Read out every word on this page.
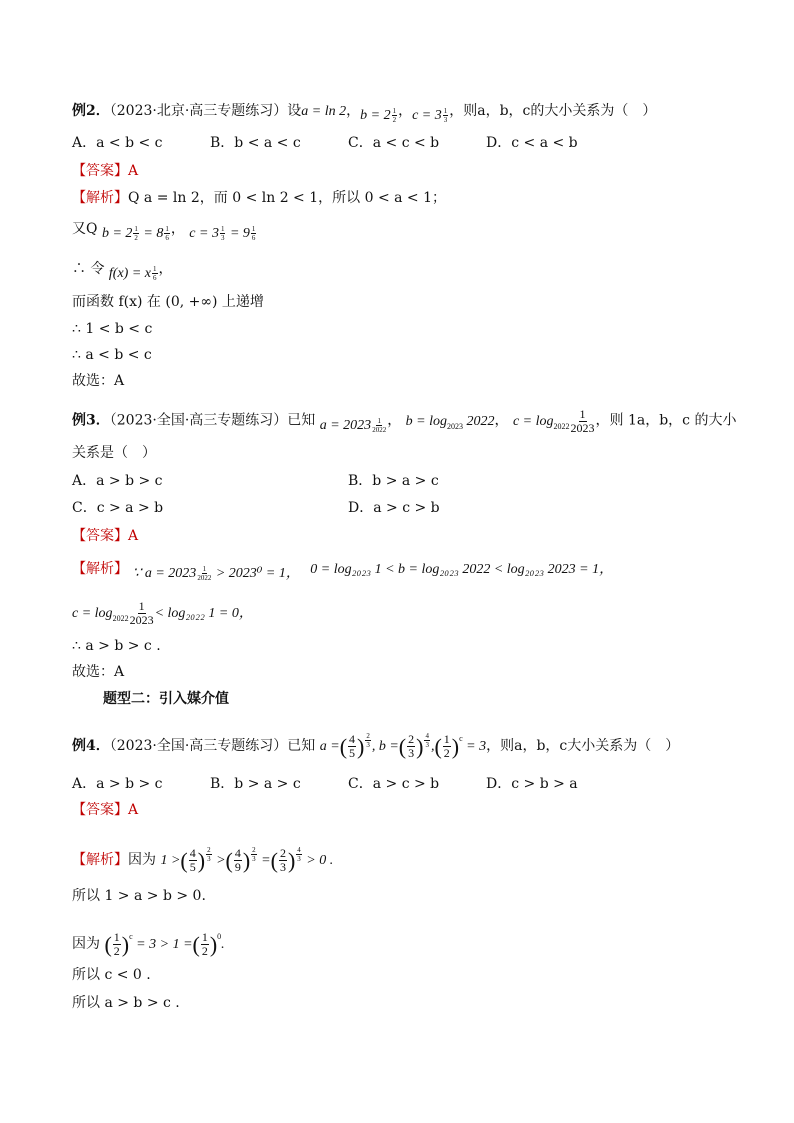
例2．（2023·北京·高三专题练习）设a = ln 2，$b = 2 \frac{1}{2}$ ，$c = 3 \frac{1}{3}$ ，则a，b，c的大小关系为（　）
A．a < b < c	B．b < a < c	C．a < c < b	D．c < a < b
【答案】A
【解析】Q a = ln 2，而 0 < ln 2 < 1，所以 0 < a < 1；
又Q $b = 2 \frac{1}{2} = 8 \frac{1}{6}$ ， $c = 3 \frac{1}{3} = 9 \frac{1}{6}$
∴ 令 f(x) = x $\frac{1}{6}$ ，
而函数 f(x) 在 (0, +∞) 上递增
∴ 1 < b < c
∴ a < b < c
故选：A
例3．（2023·全国·高三专题练习）已知 $a = 2023 \frac{1}{2022}$ ， $b = \log_{2023} 2022$， $c = \log_{2022} \frac{1}{2023}$ ，则 1a，b，c 的大小
关系是（　）
A．a > b > c	B．b > a > c
C．c > a > b	D．a > c > b
【答案】A
【解析】 ∵ $a = 2023 \frac{1}{2022} > 2023^0 = 1$， 0 = log₂₀₂₃ 1 < b = log₂₀₂₃ 2022 < log₂₀₂₃ 2023 = 1，
$c = \log_{2022} \frac{1}{2023} < \log_{2022}$ 1 = 0，
∴ a > b > c .
故选：A
题型二：引入媒介值
例4．（2023·全国·高三专题练习）已知 a =( $\frac{4}{5}$ ) $\frac{2}{3}$ , b =( $\frac{2}{3}$ ) $\frac{4}{3}$ ,( $\frac{1}{2} )^c = 3$，则a，b，c大小关系为（　）
A．a > b > c	B．b > a > c	C．a > c > b	D．c > b > a
【答案】A
【解析】因为 1 >( $\frac{4}{5}$ ) $\frac{2}{3}$ >( $\frac{4}{9}$ ) $\frac{2}{3}$ =( $\frac{2}{3}$ ) $\frac{4}{3} > 0$ .
所以 1 > a > b > 0.
因为 ( $\frac{1}{2} )^c = 3 > 1$ =( $\frac{1}{2} )^0$.
所以 c < 0 .
所以 a > b > c .
